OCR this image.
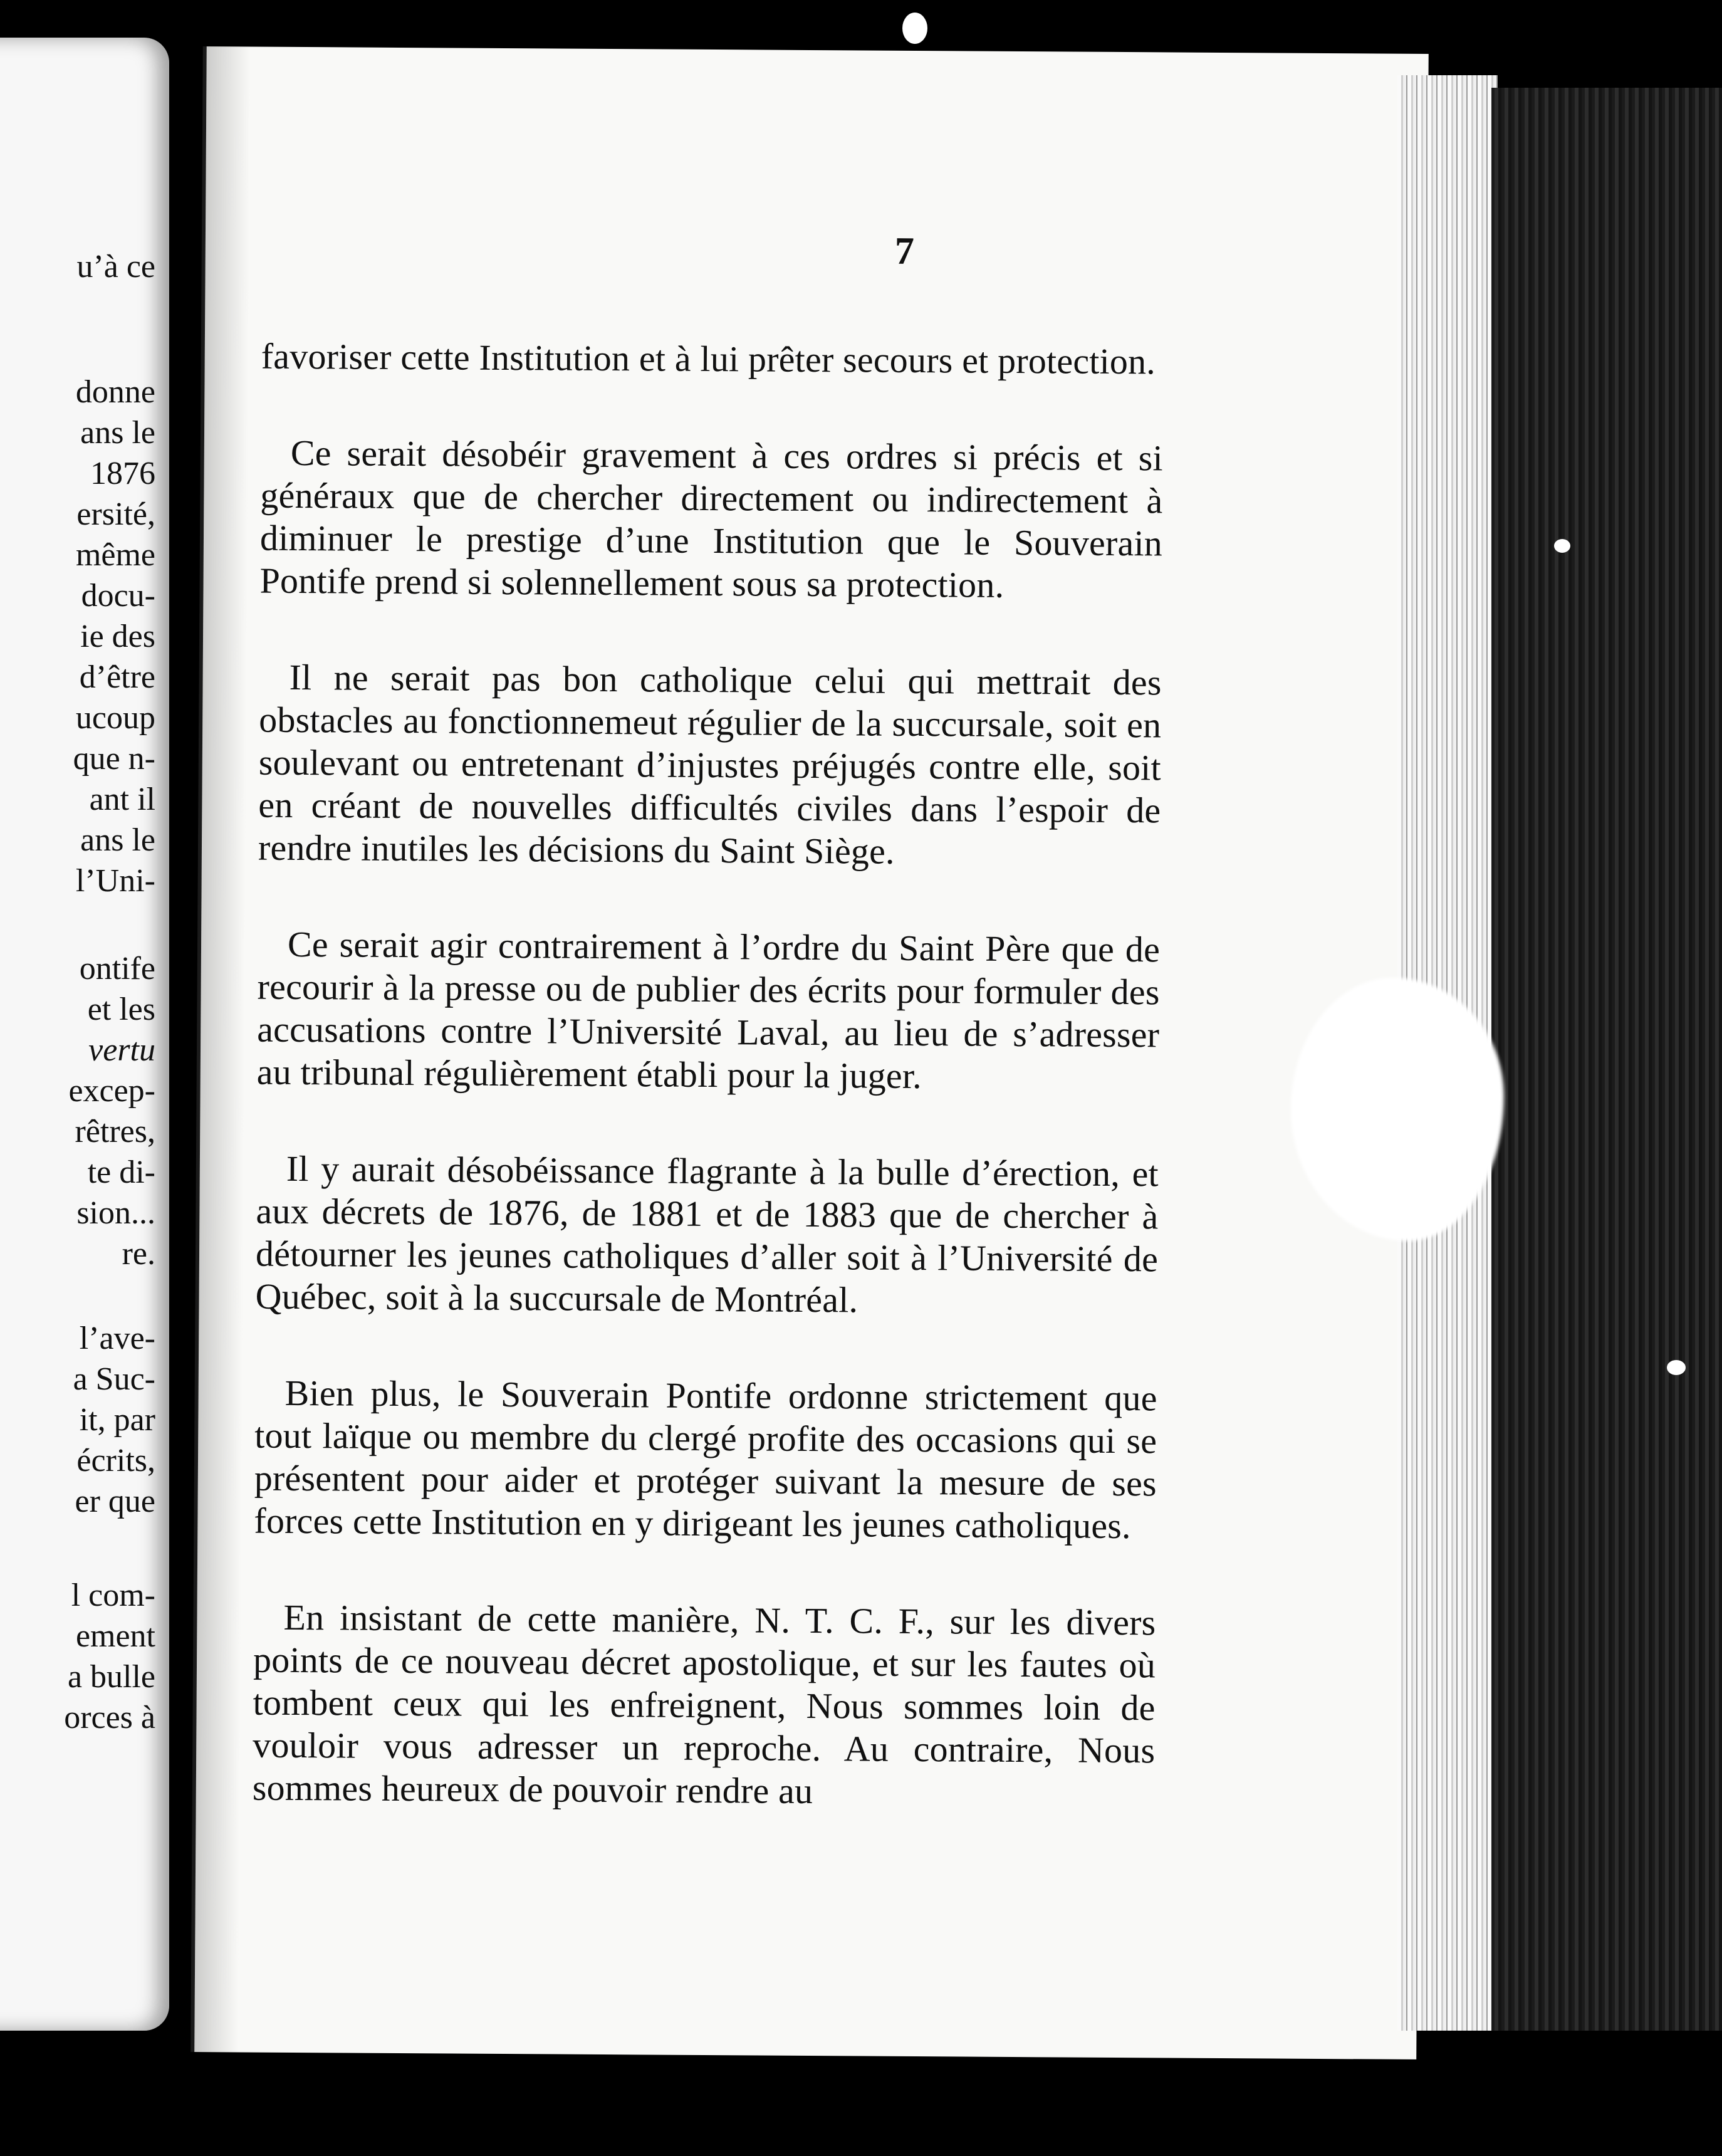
u’à ce
donne
ans le
1876
ersité,
même
docu-
ie des
d’être
ucoup
que n-
ant il
ans le
l’Uni-
ontife
et les
vertu
excep-
rêtres,
te di-
sion...
re.
l’ave-
a Suc-
it, par
écrits,
er que
l com-
ement
a bulle
orces à
7

favoriser cette Institution et à lui prêter secours et protection.

Ce serait désobéir gravement à ces ordres si précis et si généraux que de chercher directement ou indirectement à diminuer le prestige d’une Institution que le Souverain Pontife prend si solennellement sous sa protection.

Il ne serait pas bon catholique celui qui mettrait des obstacles au fonctionnemeut régulier de la succursale, soit en soulevant ou entretenant d’injustes préjugés contre elle, soit en créant de nouvelles difficultés civiles dans l’espoir de rendre inutiles les décisions du Saint Siège.

Ce serait agir contrairement à l’ordre du Saint Père que de recourir à la presse ou de publier des écrits pour formuler des accusations contre l’Université Laval, au lieu de s’adresser au tribunal régulièrement établi pour la juger.

Il y aurait désobéissance flagrante à la bulle d’érection, et aux décrets de 1876, de 1881 et de 1883 que de chercher à détourner les jeunes catholiques d’aller soit à l’Université de Québec, soit à la succursale de Montréal.

Bien plus, le Souverain Pontife ordonne strictement que tout laïque ou membre du clergé profite des occasions qui se présentent pour aider et protéger suivant la mesure de ses forces cette Institution en y dirigeant les jeunes catholiques.

En insistant de cette manière, N. T. C. F., sur les divers points de ce nouveau décret apostolique, et sur les fautes où tombent ceux qui les enfreignent, Nous sommes loin de vouloir vous adresser un reproche. Au contraire, Nous sommes heureux de pouvoir rendre au
